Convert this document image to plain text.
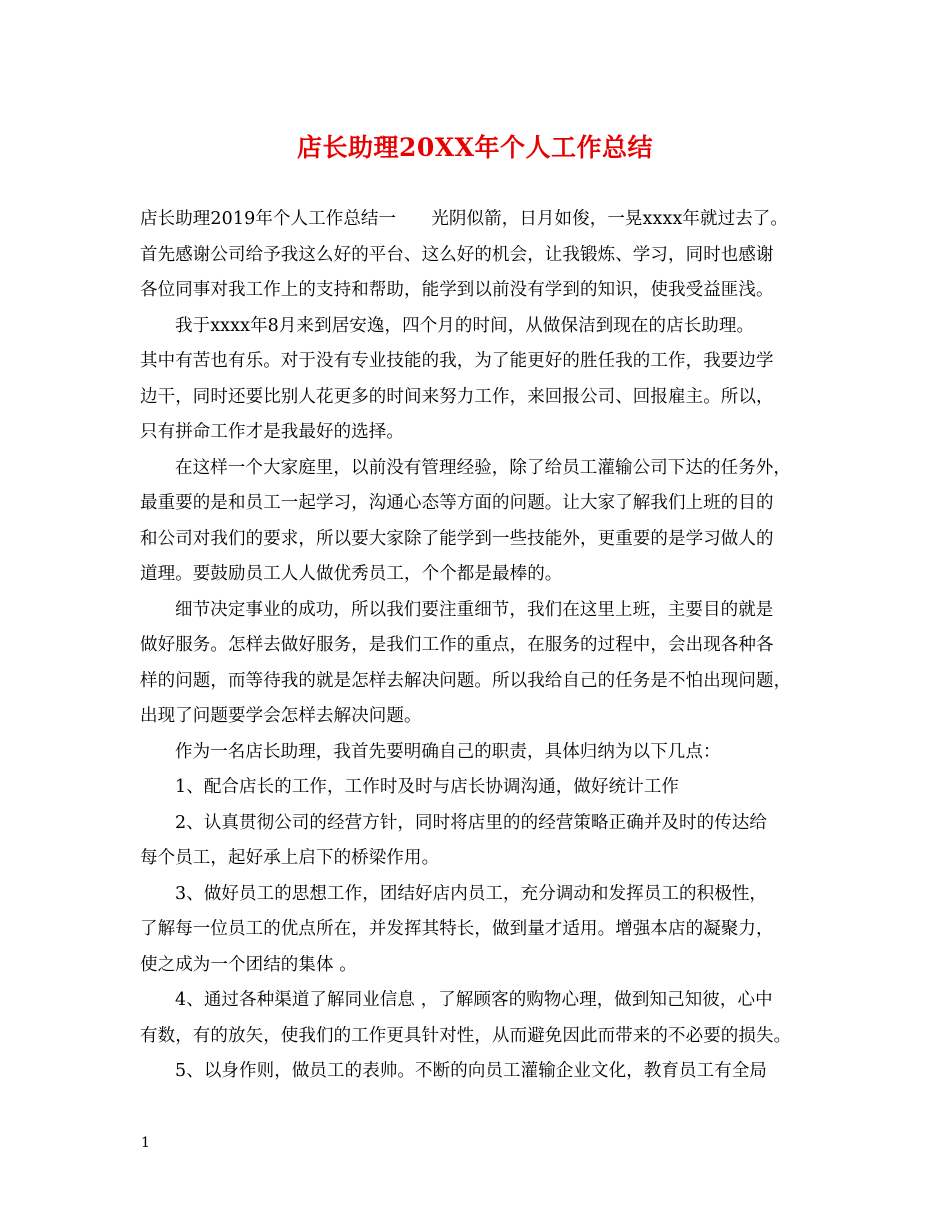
店长助理20XX年个人工作总结
店长助理2019年个人工作总结一　　光阴似箭，日月如俊，一晃xxxx年就过去了。
首先感谢公司给予我这么好的平台、这么好的机会，让我锻炼、学习，同时也感谢
各位同事对我工作上的支持和帮助，能学到以前没有学到的知识，使我受益匪浅。
我于xxxx年8月来到居安逸，四个月的时间，从做保洁到现在的店长助理。
其中有苦也有乐。对于没有专业技能的我，为了能更好的胜任我的工作，我要边学
边干，同时还要比别人花更多的时间来努力工作，来回报公司、回报雇主。所以，
只有拼命工作才是我最好的选择。
在这样一个大家庭里，以前没有管理经验，除了给员工灌输公司下达的任务外，
最重要的是和员工一起学习，沟通心态等方面的问题。让大家了解我们上班的目的
和公司对我们的要求，所以要大家除了能学到一些技能外，更重要的是学习做人的
道理。要鼓励员工人人做优秀员工，个个都是最棒的。
细节决定事业的成功，所以我们要注重细节，我们在这里上班，主要目的就是
做好服务。怎样去做好服务，是我们工作的重点，在服务的过程中，会出现各种各
样的问题，而等待我的就是怎样去解决问题。所以我给自己的任务是不怕出现问题，
出现了问题要学会怎样去解决问题。
作为一名店长助理，我首先要明确自己的职责，具体归纳为以下几点：
1、配合店长的工作，工作时及时与店长协调沟通，做好统计工作
2、认真贯彻公司的经营方针，同时将店里的的经营策略正确并及时的传达给
每个员工，起好承上启下的桥梁作用。
3、做好员工的思想工作，团结好店内员工，充分调动和发挥员工的积极性，
了解每一位员工的优点所在，并发挥其特长，做到量才适用。增强本店的凝聚力，
使之成为一个团结的集体 。
4、通过各种渠道了解同业信息 ，了解顾客的购物心理，做到知己知彼，心中
有数，有的放矢，使我们的工作更具针对性，从而避免因此而带来的不必要的损失。
5、以身作则，做员工的表帅。不断的向员工灌输企业文化，教育员工有全局
1
